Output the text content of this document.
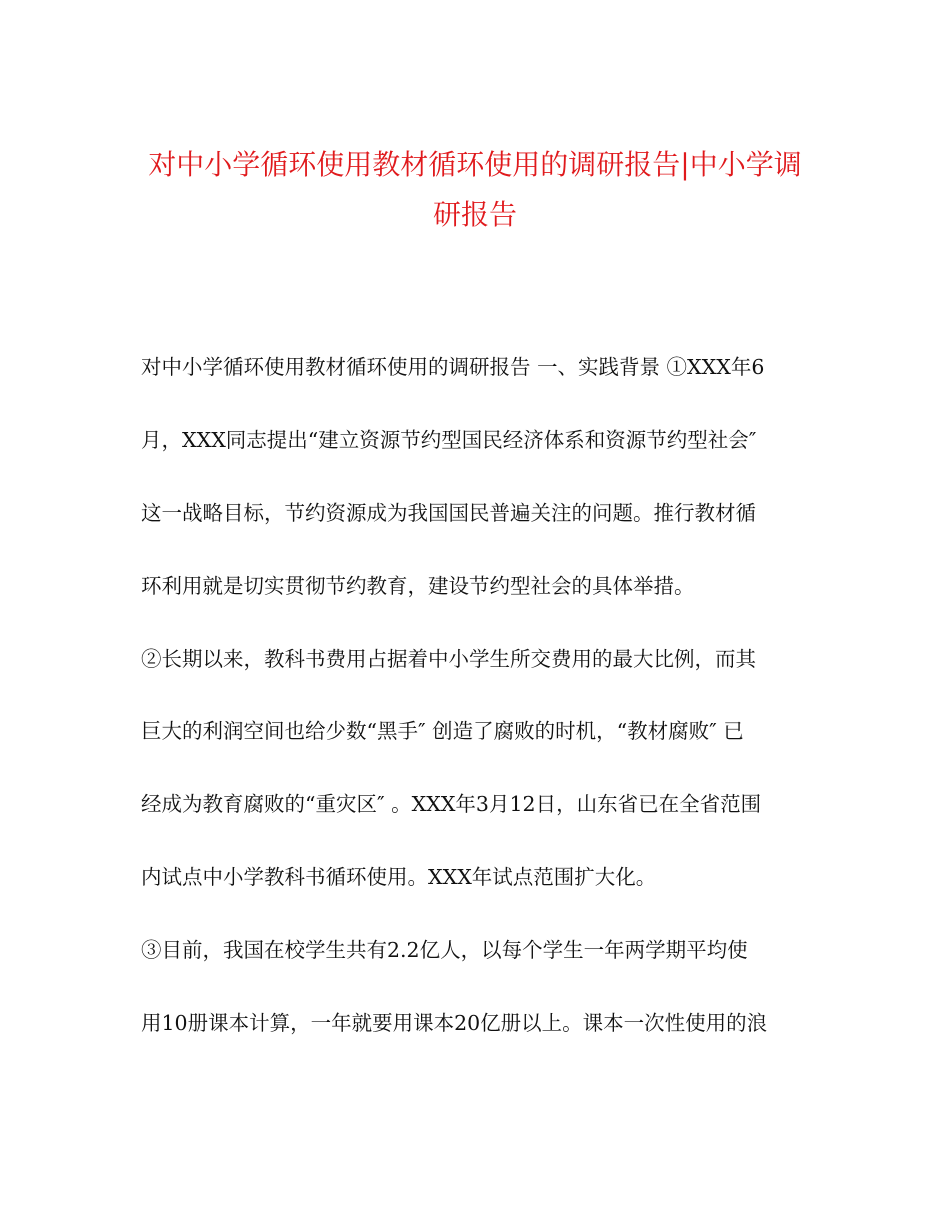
对中小学循环使用教材循环使用的调研报告|中小学调
研报告
对中小学循环使用教材循环使用的调研报告 一、实践背景 ①XXX年6
月，XXX同志提出“建立资源节约型国民经济体系和资源节约型社会″
这一战略目标，节约资源成为我国国民普遍关注的问题。推行教材循
环利用就是切实贯彻节约教育，建设节约型社会的具体举措。
②长期以来，教科书费用占据着中小学生所交费用的最大比例，而其
巨大的利润空间也给少数“黑手″ 创造了腐败的时机，“教材腐败″ 已
经成为教育腐败的“重灾区″ 。XXX年3月12日，山东省已在全省范围
内试点中小学教科书循环使用。XXX年试点范围扩大化。
③目前，我国在校学生共有2.2亿人，以每个学生一年两学期平均使
用10册课本计算，一年就要用课本20亿册以上。课本一次性使用的浪
